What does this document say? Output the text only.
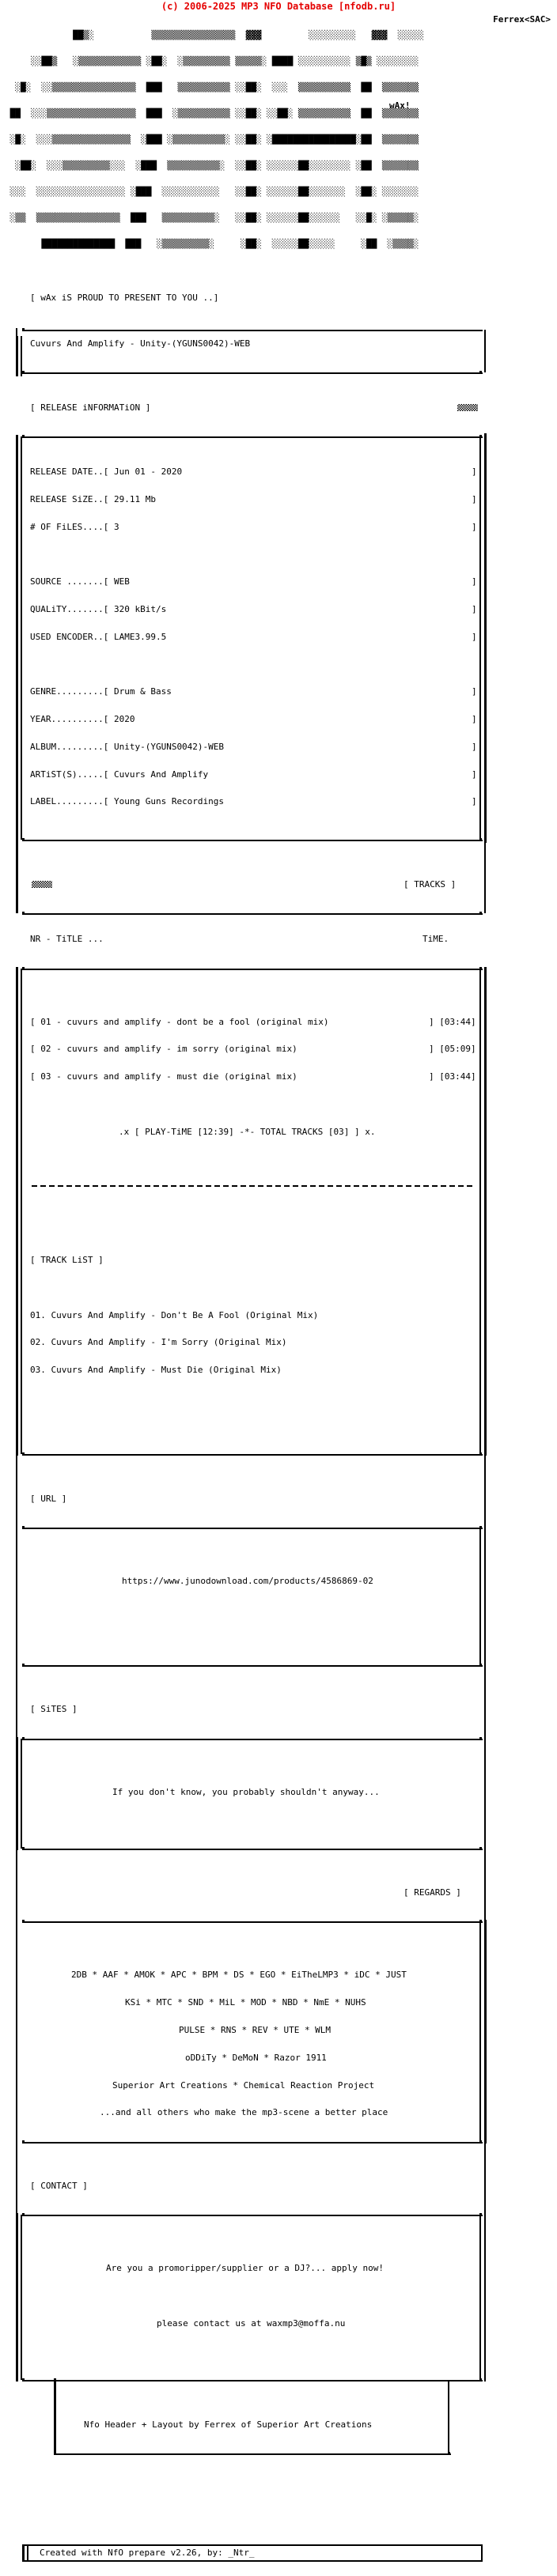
(c) 2006-2025 MP3 NFO Database [nfodb.ru]

██▒░           ▒▒▒▒▒▒▒▒▒▒▒▒▒▒▒▒  ▓▓▓         ░░░░░░░░░   ▓▓▓  ░░░░░

░░██▒   ░▒▒▒▒▒▒▒▒▒▒▒▒ ░██░  ░▒▒▒▒▒▒▒▒▒ ▒▒▒▒▒░ ████ ░░░░░░░░░░ ▒█▒ ░░░░░░░░

░█░  ░░▒▒▒▒▒▒▒▒▒▒▒▒▒▒▒▒  ███   ▒▒▒▒▒▒▒▒▒▒ ░░██░  ░░░  ▒▒▒▒▒▒▒▒▒▒  ██  ▒▒▒▒▒▒▒

██  ░░░▒▒▒▒▒▒▒▒▒▒▒▒▒▒▒▒▒  ███  ░▒▒▒▒▒▒▒▒▒▒ ░░██░ ░░██░ ▒▒▒▒▒▒▒▒▒▒  ██  ▒▒▒▒▒▒▒

░█░  ░░░▒▒▒▒▒▒▒▒▒▒▒▒▒▒▒  ░███ ░▒▒▒▒▒▒▒▒▒▒░ ░░██░ ░████████████████░██  ▒▒▒▒▒▒▒

░██░  ░░░▒▒▒▒▒▒▒▒▒░░░  ░███  ▒▒▒▒▒▒▒▒▒▒░  ░░██░ ░░░░░░██░░░░░░░░ ░██  ▒▒▒▒▒▒▒

░░░  ░░░░░░░░░░░░░░░░░ ░███  ░░░░░░░░░░░   ░░██░ ░░░░░░██░░░░░░░  ░██░ ░░░░░░░

░▒▒  ▒▒▒▒▒▒▒▒▒▒▒▒▒▒▒▒  ███   ▒▒▒▒▒▒▒▒▒▒░   ░░██░ ░░░░░░██░░░░░░   ░░█░ ░▒▒▒▒▒░

██████████████  ███   ░▒▒▒▒▒▒▒▒▒░     ░██░  ░░░░░██░░░░░     ░██  ░▒▒▒▒░

Ferrex<SAC>
wAx!

[ wAx iS PROUD TO PRESENT TO YOU ..]

Cuvurs And Amplify - Unity-(YGUNS0042)-WEB

[ RELEASE iNFORMATiON ]

RELEASE DATE..[ Jun 01 - 2020	]

RELEASE SiZE..[ 29.11 Mb	]

# OF FiLES....[ 3	]

SOURCE .......[ WEB	]

QUALiTY.......[ 320 kBit/s	]

USED ENCODER..[ LAME3.99.5	]

GENRE.........[ Drum & Bass	]

YEAR..........[ 2020	]

ALBUM.........[ Unity-(YGUNS0042)-WEB	]

ARTiST(S).....[ Cuvurs And Amplify	]

LABEL.........[ Young Guns Recordings	]

[ TRACKS ]

NR - TiTLE ...	TiME.

[ 01 - cuvurs and amplify - dont be a fool (original mix)	] [03:44]

[ 02 - cuvurs and amplify - im sorry (original mix)	] [05:09]

[ 03 - cuvurs and amplify - must die (original mix)	] [03:44]

.x [ PLAY-TiME [12:39] -*- TOTAL TRACKS [03] ] x.

[ TRACK LiST ]

01. Cuvurs And Amplify - Don't Be A Fool (Original Mix)

02. Cuvurs And Amplify - I'm Sorry (Original Mix)

03. Cuvurs And Amplify - Must Die (Original Mix)

[ URL ]

https://www.junodownload.com/products/4586869-02

[ SiTES ]

If you don't know, you probably shouldn't anyway...

[ REGARDS ]

2DB * AAF * AMOK * APC * BPM * DS * EGO * EiTheLMP3 * iDC * JUST

KSi * MTC * SND * MiL * MOD * NBD * NmE * NUHS

PULSE * RNS * REV * UTE * WLM

oDDiTy * DeMoN * Razor 1911

Superior Art Creations * Chemical Reaction Project

...and all others who make the mp3-scene a better place

[ CONTACT ]

Are you a promoripper/supplier or a DJ?... apply now!

please contact us at waxmp3@moffa.nu

Nfo Header + Layout by Ferrex of Superior Art Creations

Created with NfO prepare v2.26, by: _Ntr_
